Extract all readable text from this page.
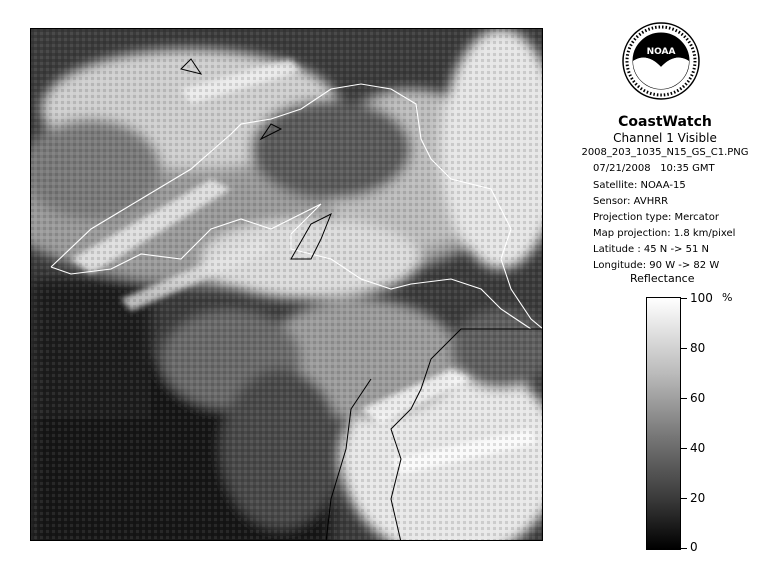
NOAA
CoastWatch
Channel 1 Visible
2008_203_1035_N15_GS_C1.PNG
07/21/2008 10:35 GMT
Satellite: NOAA-15
Sensor: AVHRR
Projection type: Mercator
Map projection: 1.8 km/pixel
Latitude : 45 N -> 51 N
Longitude: 90 W -> 82 W
Reflectance
%
100
80
60
40
20
0
